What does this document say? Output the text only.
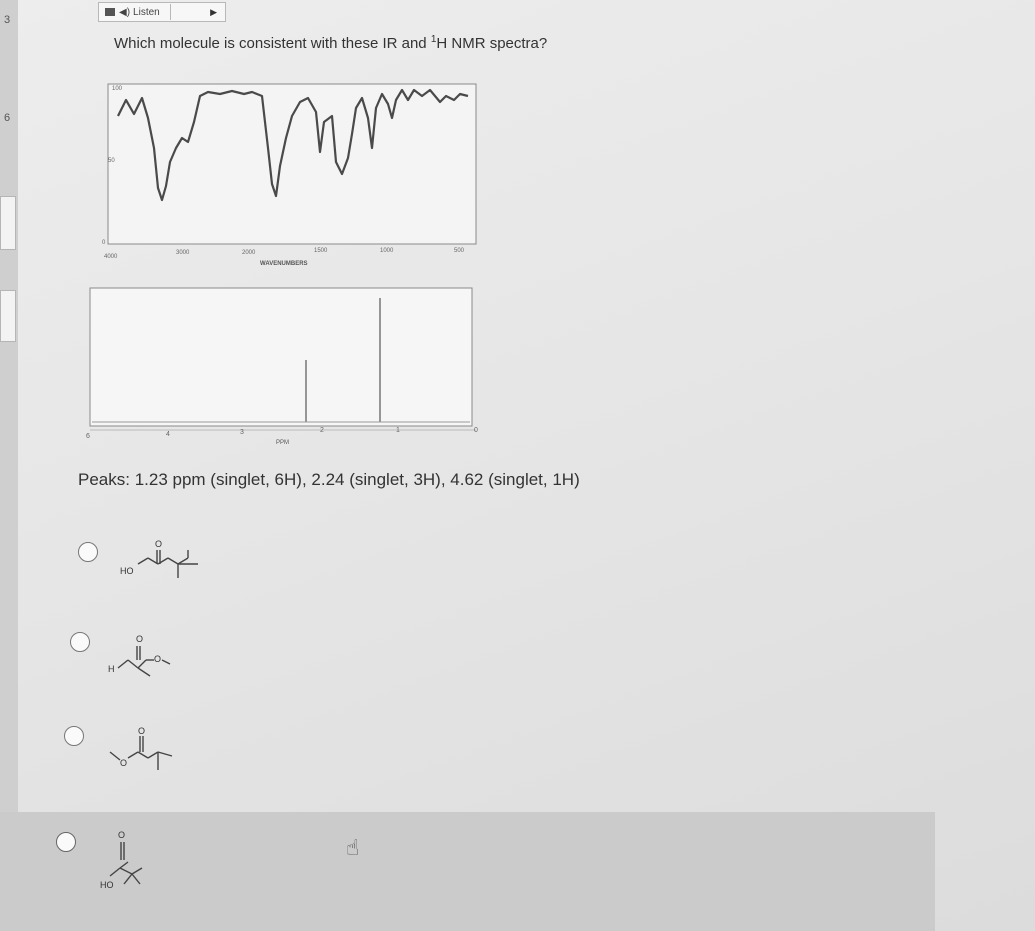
3
6
◀) Listen	▶
Which molecule is consistent with these IR and $^1$H NMR spectra?
100
50
0
4000
3000	2000	1500	1000	500
WAVENUMBERS
6	4	3	2	1	0
PPM
Peaks: 1.23 ppm (singlet, 6H), 2.24 (singlet, 3H), 4.62 (singlet, 1H)
O
HO
O
H
O
O
O
O
HO
☝
